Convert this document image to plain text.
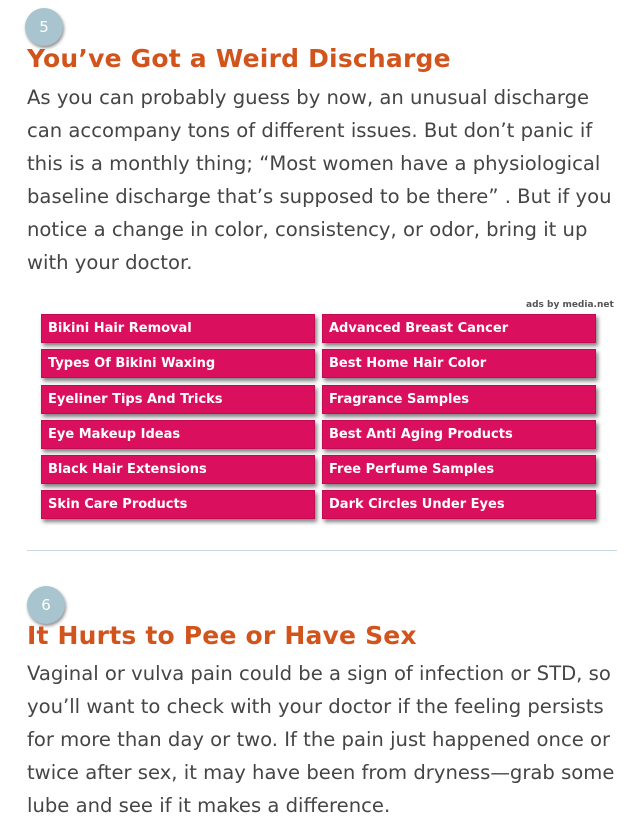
5
You’ve Got a Weird Discharge

As you can probably guess by now, an unusual discharge can accompany tons of different issues. But don’t panic if this is a monthly thing; “Most women have a physiological baseline discharge that’s supposed to be there” . But if you notice a change in color, consistency, or odor, bring it up with your doctor.

ads by media.net
Bikini Hair Removal
Types Of Bikini Waxing
Eyeliner Tips And Tricks
Eye Makeup Ideas
Black Hair Extensions
Skin Care Products
Advanced Breast Cancer
Best Home Hair Color
Fragrance Samples
Best Anti Aging Products
Free Perfume Samples
Dark Circles Under Eyes
6
It Hurts to Pee or Have Sex

Vaginal or vulva pain could be a sign of infection or STD, so you’ll want to check with your doctor if the feeling persists for more than day or two. If the pain just happened once or twice after sex, it may have been from dryness—grab some lube and see if it makes a difference.
